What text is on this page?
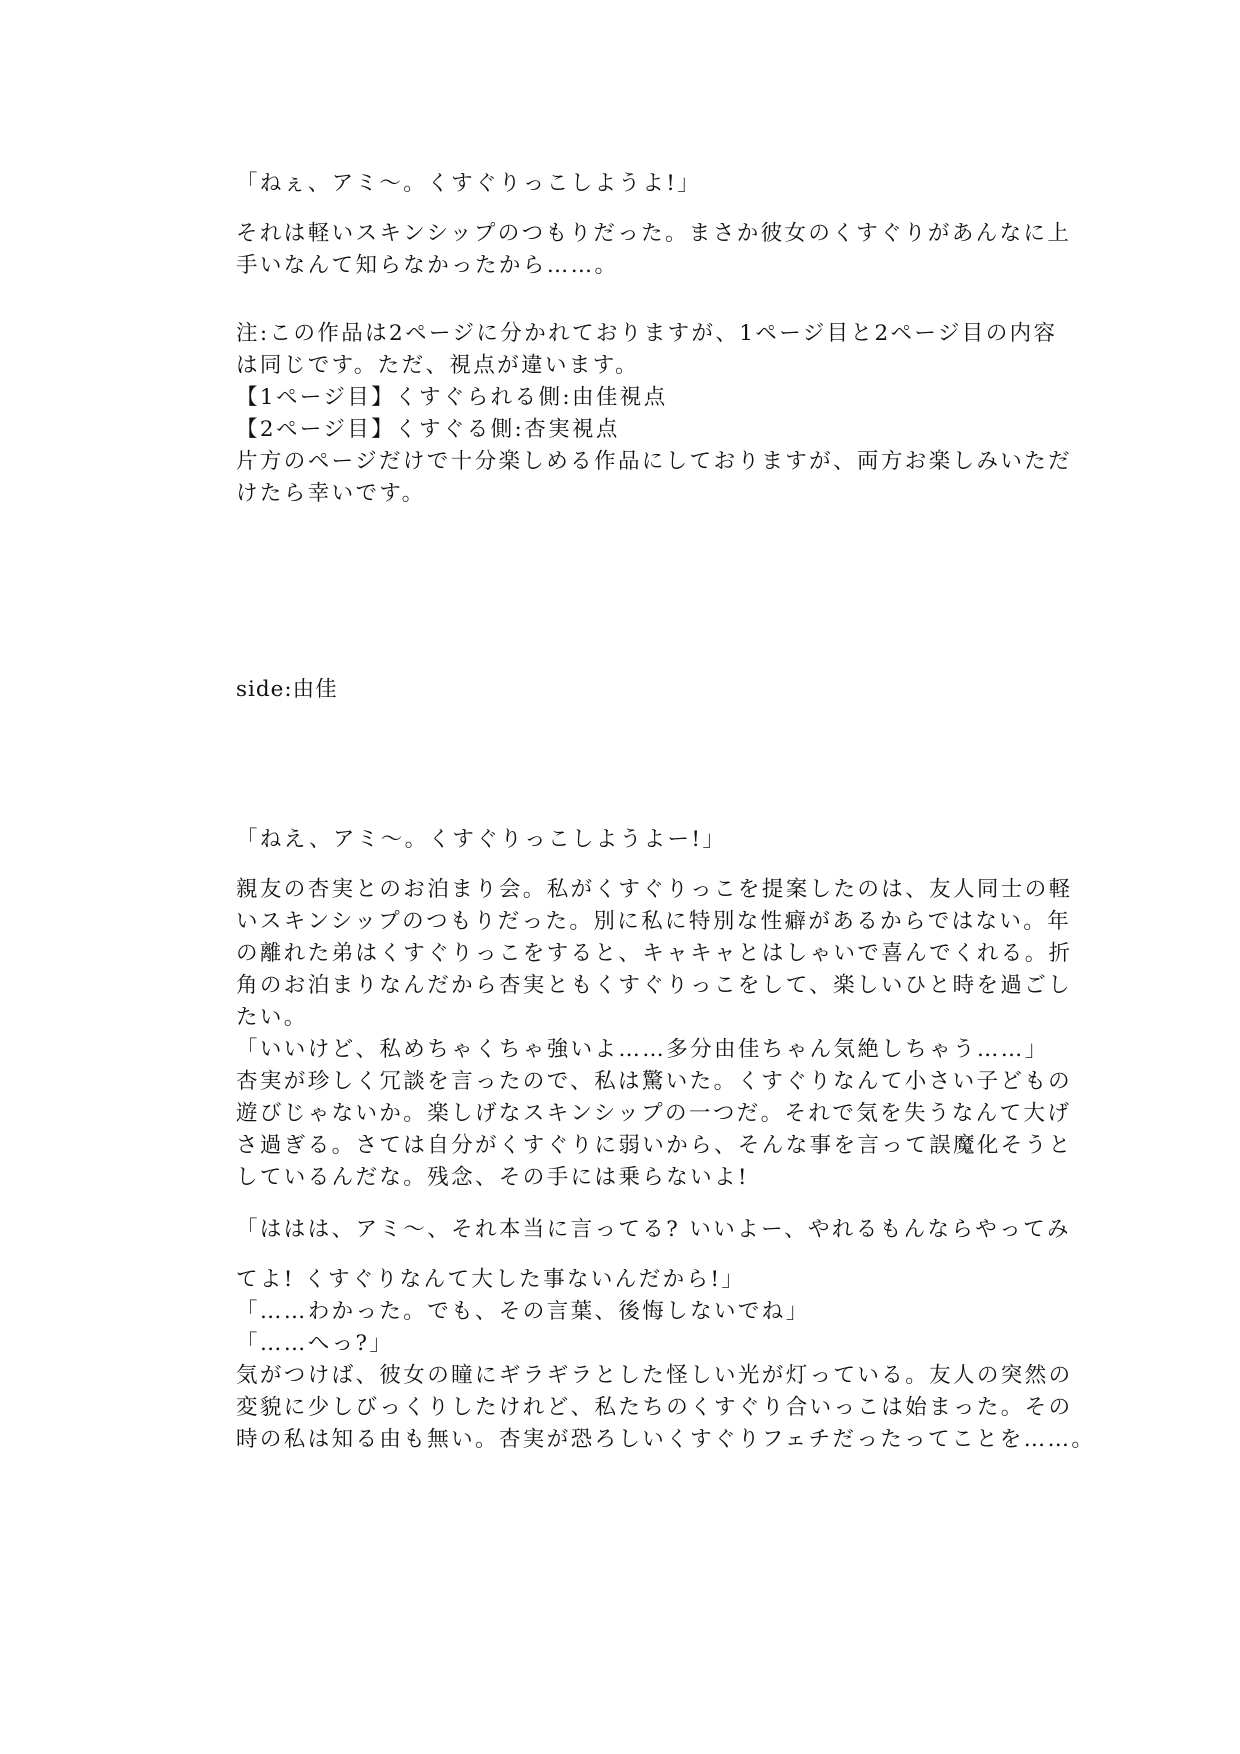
「ねぇ、アミ〜。くすぐりっこしようよ!」
それは軽いスキンシップのつもりだった。まさか彼女のくすぐりがあんなに上
手いなんて知らなかったから……。
注:この作品は2ページに分かれておりますが、1ページ目と2ページ目の内容
は同じです。ただ、視点が違います。
【1ページ目】くすぐられる側:由佳視点
【2ページ目】くすぐる側:杏実視点
片方のページだけで十分楽しめる作品にしておりますが、両方お楽しみいただ
けたら幸いです。
side:由佳
「ねえ、アミ〜。くすぐりっこしようよー!」
親友の杏実とのお泊まり会。私がくすぐりっこを提案したのは、友人同士の軽
いスキンシップのつもりだった。別に私に特別な性癖があるからではない。年
の離れた弟はくすぐりっこをすると、キャキャとはしゃいで喜んでくれる。折
角のお泊まりなんだから杏実ともくすぐりっこをして、楽しいひと時を過ごし
たい。
「いいけど、私めちゃくちゃ強いよ……多分由佳ちゃん気絶しちゃう……」
杏実が珍しく冗談を言ったので、私は驚いた。くすぐりなんて小さい子どもの
遊びじゃないか。楽しげなスキンシップの一つだ。それで気を失うなんて大げ
さ過ぎる。さては自分がくすぐりに弱いから、そんな事を言って誤魔化そうと
しているんだな。残念、その手には乗らないよ!
「ははは、アミ〜、それ本当に言ってる? いいよー、やれるもんならやってみ
てよ! くすぐりなんて大した事ないんだから!」
「……わかった。でも、その言葉、後悔しないでね」
「……へっ?」
気がつけば、彼女の瞳にギラギラとした怪しい光が灯っている。友人の突然の
変貌に少しびっくりしたけれど、私たちのくすぐり合いっこは始まった。その
時の私は知る由も無い。杏実が恐ろしいくすぐりフェチだったってことを……。
